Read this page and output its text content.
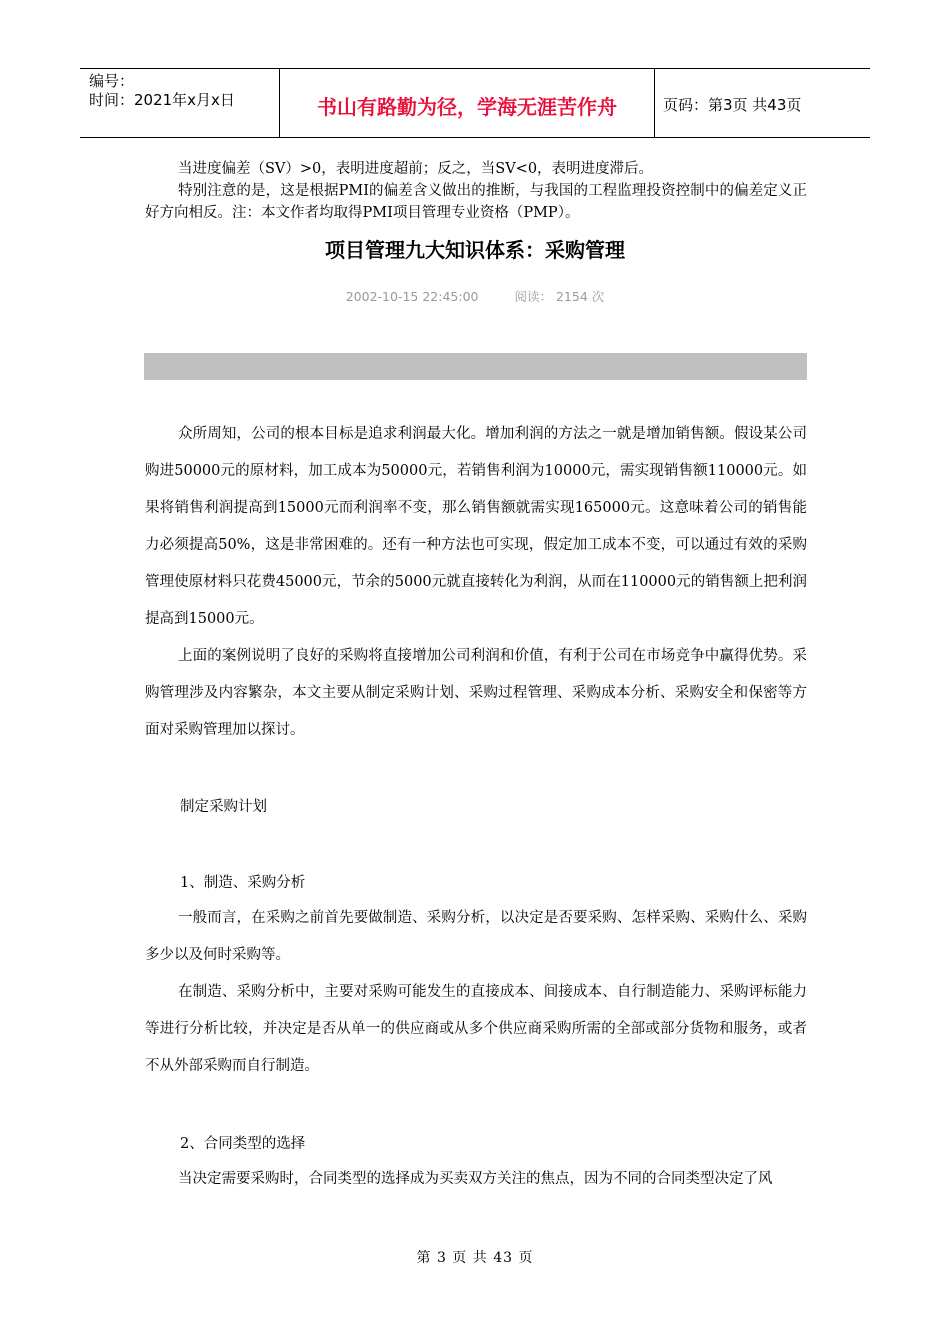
编号：
时间：2021年x月x日	书山有路勤为径，学海无涯苦作舟	页码：第3页 共43页

当进度偏差（SV）>0，表明进度超前；反之，当SV<0，表明进度滞后。

特别注意的是，这是根据PMI的偏差含义做出的推断，与我国的工程监理投资控制中的偏差定义正好方向相反。注：本文作者均取得PMI项目管理专业资格（PMP）。

项目管理九大知识体系：采购管理
2002-10-15 22:45:00	阅读： 2154 次

众所周知，公司的根本目标是追求利润最大化。增加利润的方法之一就是增加销售额。假设某公司购进50000元的原材料，加工成本为50000元，若销售利润为10000元，需实现销售额110000元。如果将销售利润提高到15000元而利润率不变，那么销售额就需实现165000元。这意味着公司的销售能力必须提高50%，这是非常困难的。还有一种方法也可实现，假定加工成本不变，可以通过有效的采购管理使原材料只花费45000元，节余的5000元就直接转化为利润，从而在110000元的销售额上把利润提高到15000元。

上面的案例说明了良好的采购将直接增加公司利润和价值，有利于公司在市场竞争中赢得优势。采购管理涉及内容繁杂，本文主要从制定采购计划、采购过程管理、采购成本分析、采购安全和保密等方面对采购管理加以探讨。

制定采购计划
1、制造、采购分析

一般而言，在采购之前首先要做制造、采购分析，以决定是否要采购、怎样采购、采购什么、采购多少以及何时采购等。

在制造、采购分析中，主要对采购可能发生的直接成本、间接成本、自行制造能力、采购评标能力等进行分析比较，并决定是否从单一的供应商或从多个供应商采购所需的全部或部分货物和服务，或者不从外部采购而自行制造。

2、合同类型的选择

当决定需要采购时，合同类型的选择成为买卖双方关注的焦点，因为不同的合同类型决定了风

第 3 页 共 43 页
